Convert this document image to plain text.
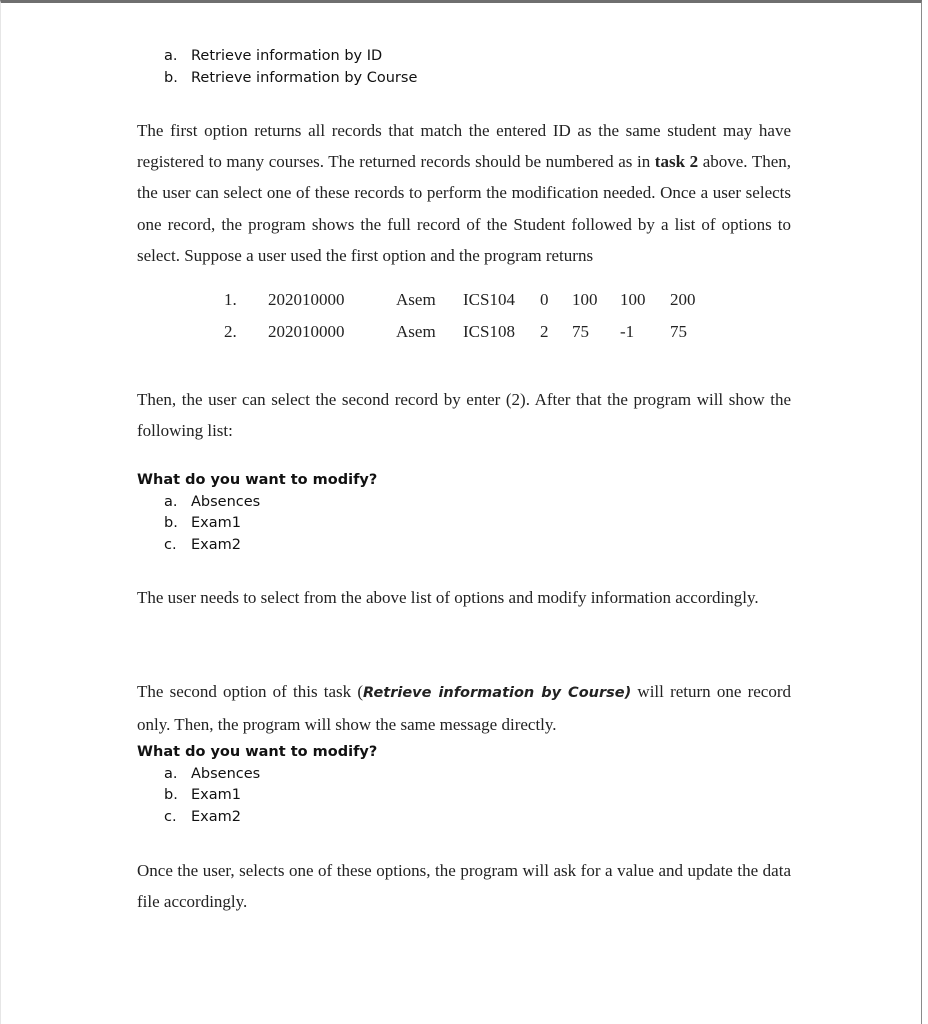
a. Retrieve information by ID
b. Retrieve information by Course

The first option returns all records that match the entered ID as the same student may have registered to many courses. The returned records should be numbered as in task 2 above. Then, the user can select one of these records to perform the modification needed. Once a user selects one record, the program shows the full record of the Student followed by a list of options to select. Suppose a user used the first option and the program returns

1. 202010000	Asem ICS104 0 100 100 200
2. 202010000	Asem ICS108 2 75 -1 75

Then, the user can select the second record by enter (2). After that the program will show the following list:

What do you want to modify?
a. Absences
b. Exam1
c. Exam2

The user needs to select from the above list of options and modify information accordingly.

The second option of this task (Retrieve information by Course) will return one record only. Then, the program will show the same message directly.

What do you want to modify?
a. Absences
b. Exam1
c. Exam2

Once the user, selects one of these options, the program will ask for a value and update the data file accordingly.
